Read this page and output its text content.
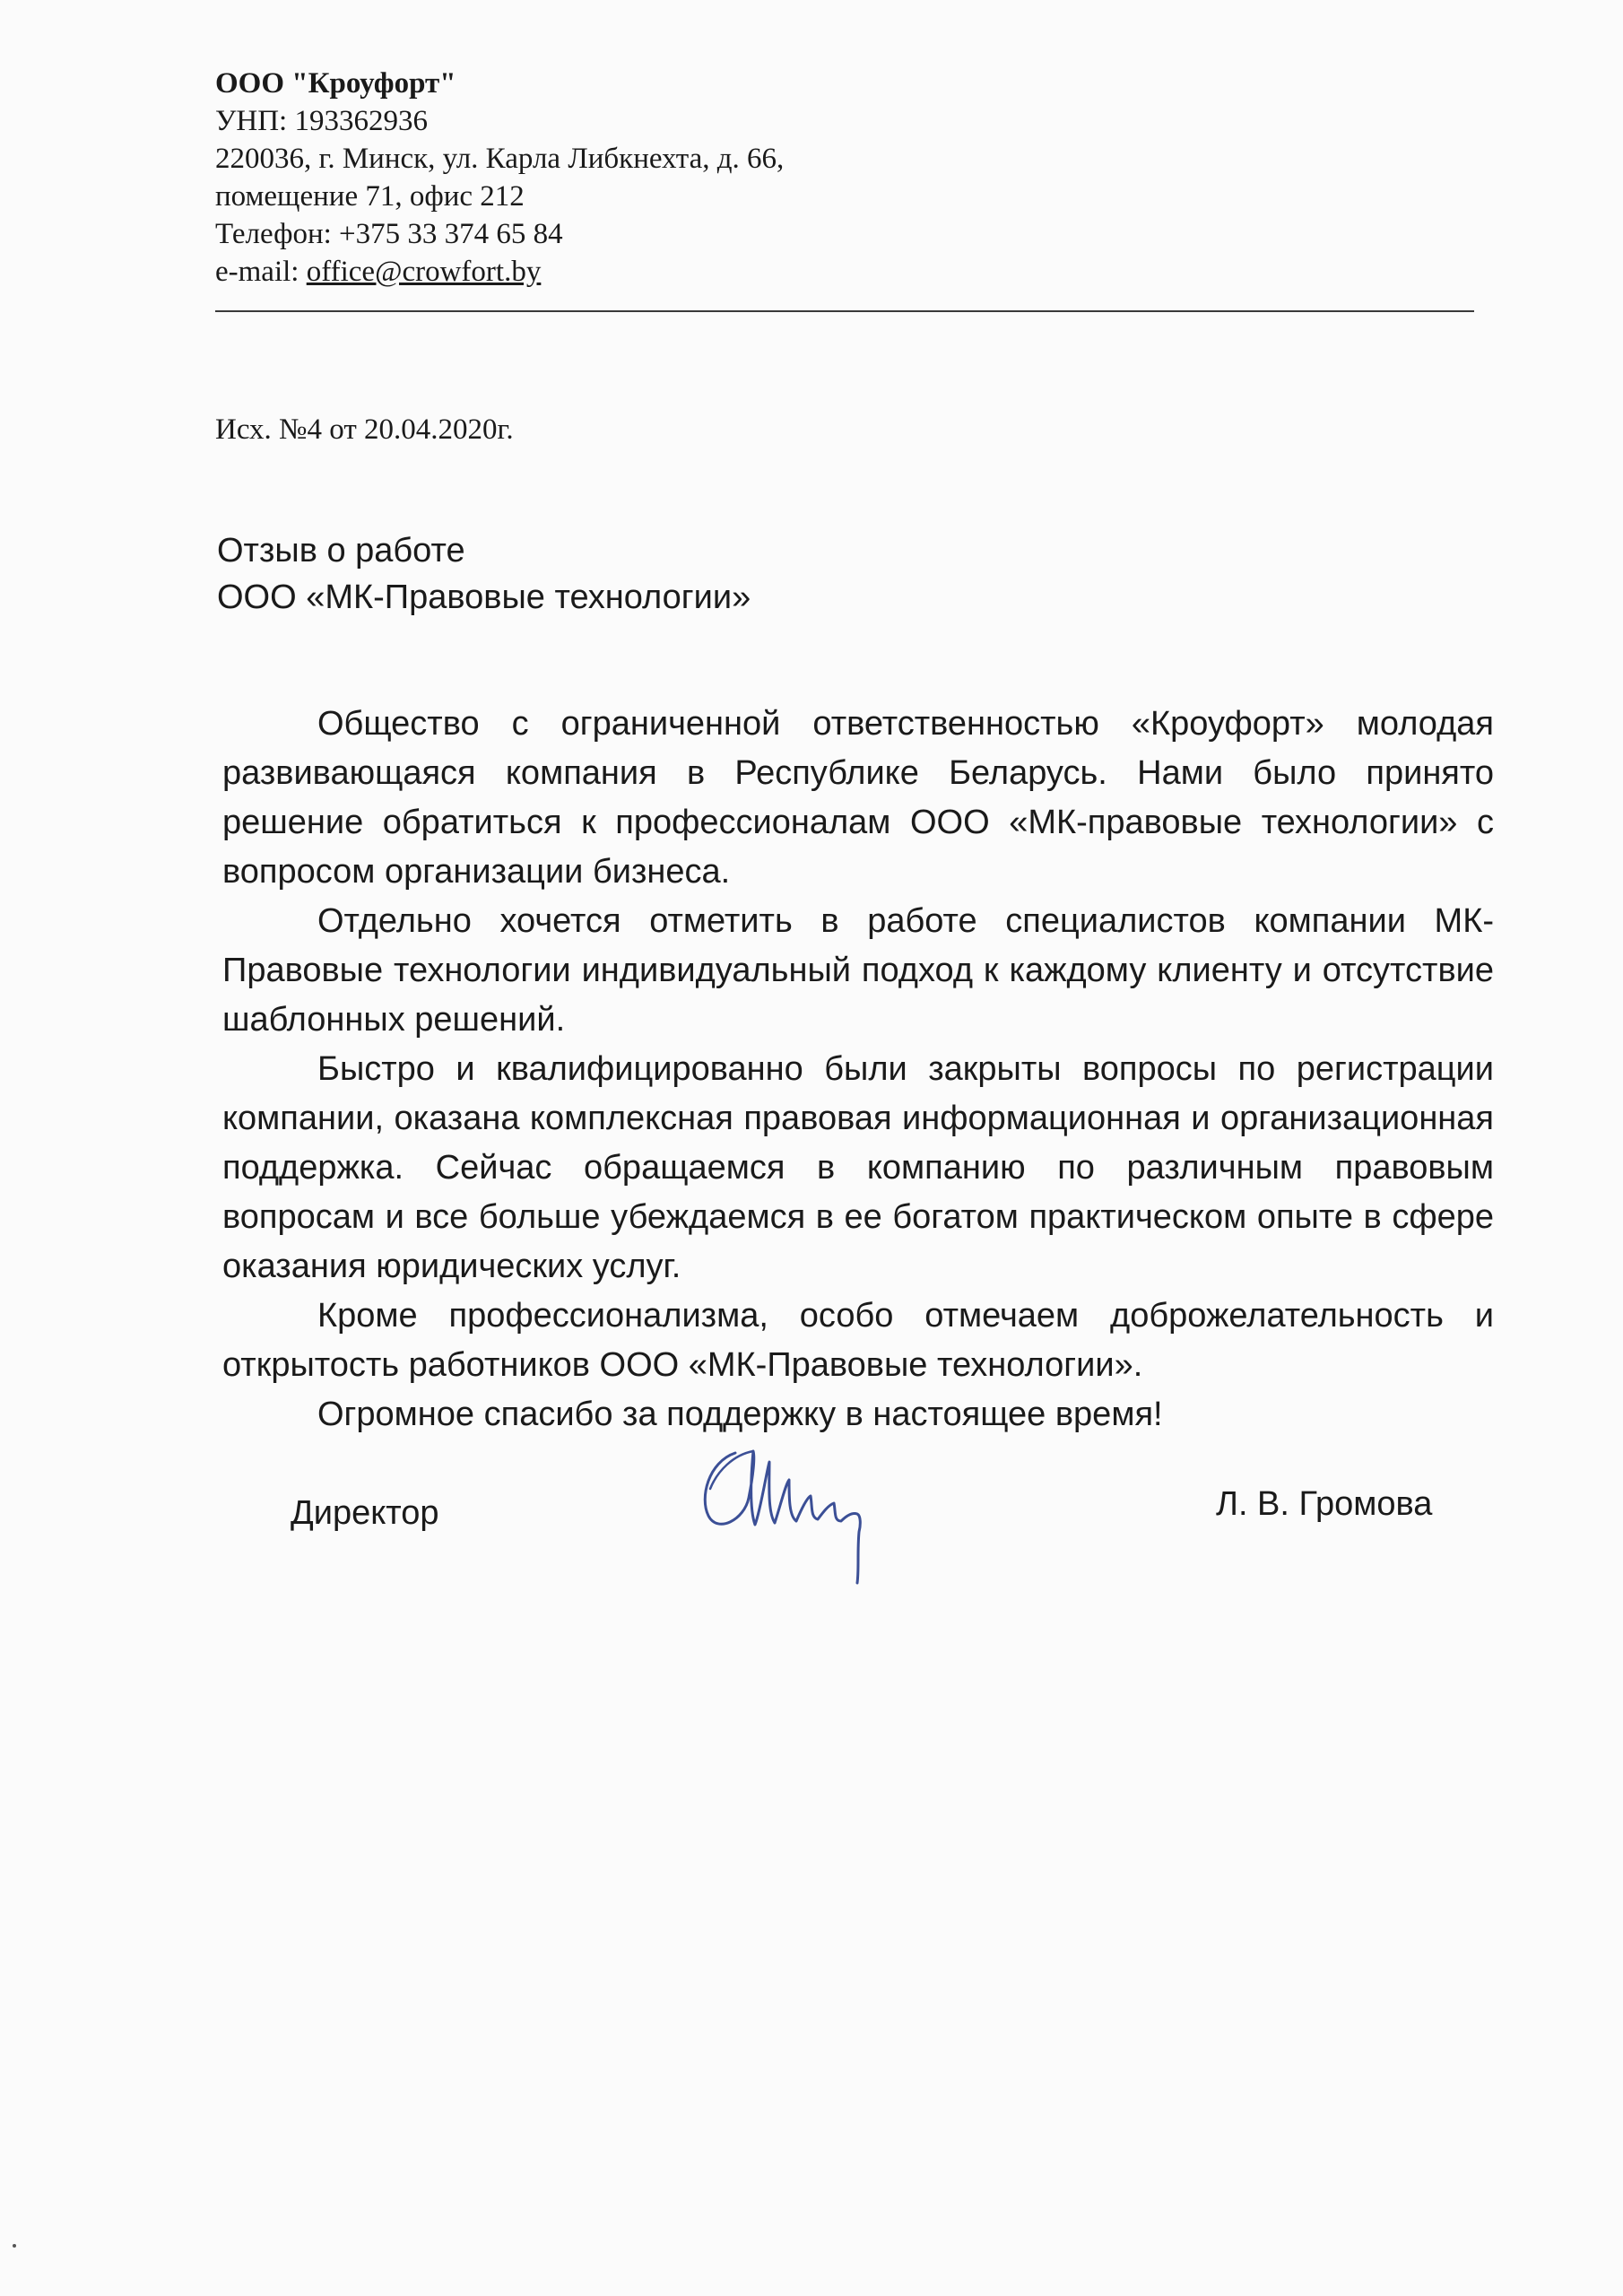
ООО "Кроуфорт"
УНП: 193362936
220036, г. Минск, ул. Карла Либкнехта, д. 66,
помещение 71, офис 212
Телефон: +375 33 374 65 84
e-mail: office@crowfort.by
Исх. №4 от 20.04.2020г.
Отзыв о работе
ООО «МК-Правовые технологии»

Общество с ограниченной ответственностью «Кроуфорт» молодая развивающаяся компания в Республике Беларусь. Нами было принято решение обратиться к профессионалам ООО «МК-правовые технологии» с вопросом организации бизнеса.

Отдельно хочется отметить в работе специалистов компании МК-Правовые технологии индивидуальный подход к каждому клиенту и отсутствие шаблонных решений.

Быстро и квалифицированно были закрыты вопросы по регистрации компании, оказана комплексная правовая информационная и организационная поддержка. Сейчас обращаемся в компанию по различным правовым вопросам и все больше убеждаемся в ее богатом практическом опыте в сфере оказания юридических услуг.

Кроме профессионализма, особо отмечаем доброжелательность и открытость работников ООО «МК-Правовые технологии».

Огромное спасибо за поддержку в настоящее время!

Директор	Л. В. Громова
